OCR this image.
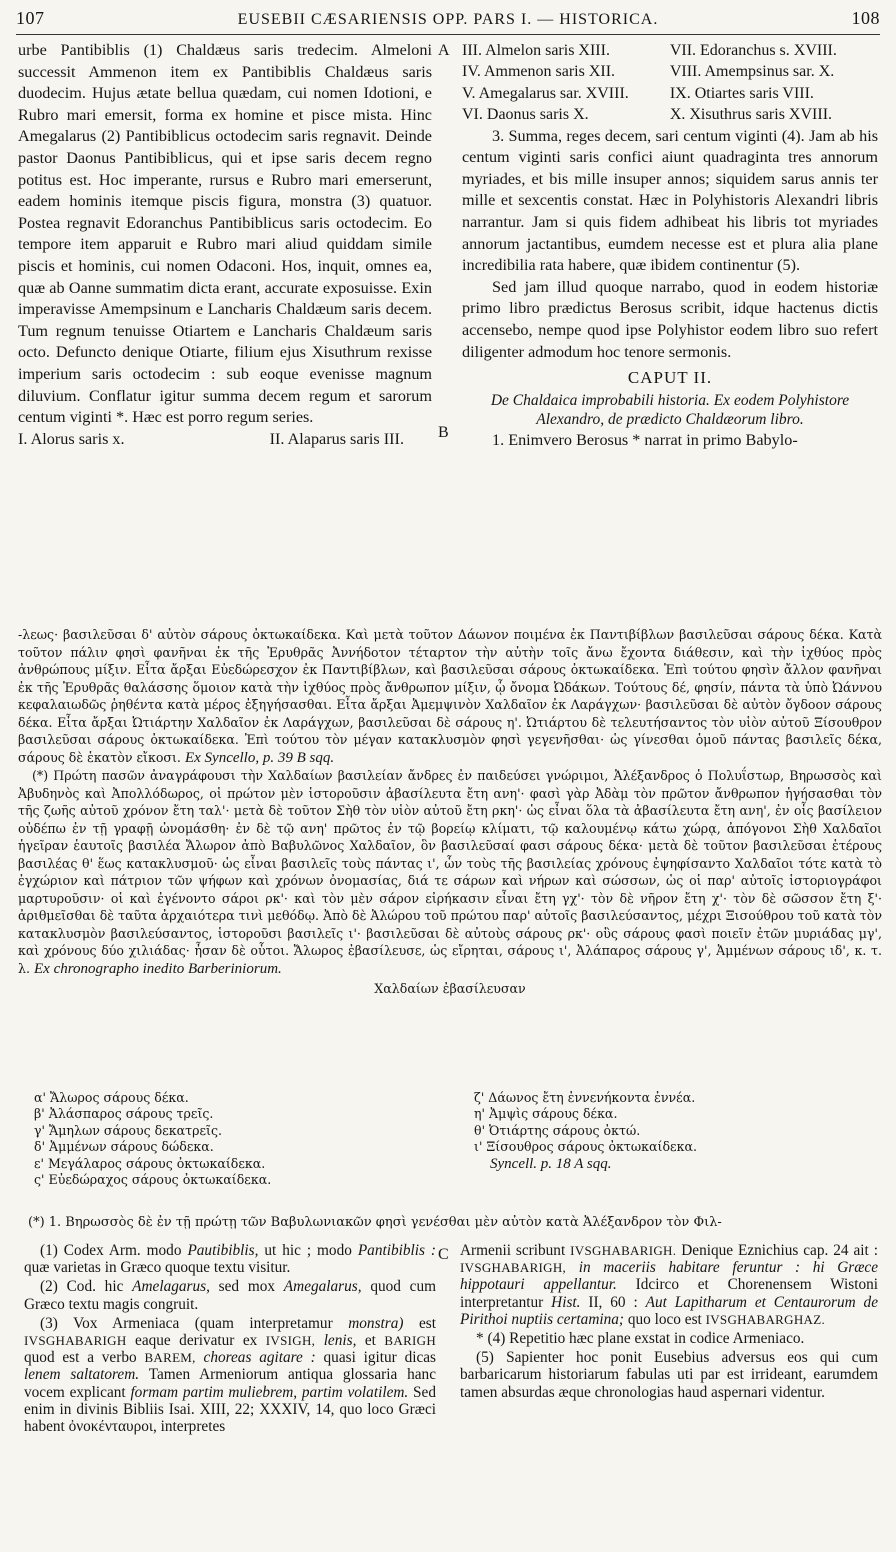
107	EUSEBII CÆSARIENSIS OPP. PARS I. — HISTORICA.	108
A
B
C

urbe Pantibiblis (1) Chaldæus saris tredecim. Almeloni successit Ammenon item ex Pantibiblis Chaldæus saris duodecim. Hujus ætate bellua quædam, cui nomen Idotioni, e Rubro mari emersit, forma ex homine et pisce mista. Hinc Amegalarus (2) Pantibiblicus octodecim saris regnavit. Deinde pastor Daonus Pantibiblicus, qui et ipse saris decem regno potitus est. Hoc imperante, rursus e Rubro mari emerserunt, eadem hominis itemque piscis figura, monstra (3) quatuor. Postea regnavit Edoranchus Pantibiblicus saris octodecim. Eo tempore item apparuit e Rubro mari aliud quiddam simile piscis et hominis, cui nomen Odaconi. Hos, inquit, omnes ea, quæ ab Oanne summatim dicta erant, accurate exposuisse. Exin imperavisse Amempsinum e Lancharis Chaldæum saris decem. Tum regnum tenuisse Otiartem e Lancharis Chaldæum saris octo. Defuncto denique Otiarte, filium ejus Xisuthrum rexisse imperium saris octodecim : sub eoque evenisse magnum diluvium. Conflatur igitur summa decem regum et sarorum centum viginti *. Hæc est porro regum series.

I. Alorus saris x.	II. Alaparus saris III.
III. Almelon saris XIII.	VII. Edoranchus s. XVIII.
IV. Ammenon saris XII.	VIII. Amempsinus sar. X.
V. Amegalarus sar. XVIII.	IX. Otiartes saris VIII.
VI. Daonus saris X.	X. Xisuthrus saris XVIII.

3. Summa, reges decem, sari centum viginti (4). Jam ab his centum viginti saris confici aiunt quadraginta tres annorum myriades, et bis mille insuper annos; siquidem sarus annis ter mille et sexcentis constat. Hæc in Polyhistoris Alexandri libris narrantur. Jam si quis fidem adhibeat his libris tot myriades annorum jactantibus, eumdem necesse est et plura alia plane incredibilia rata habere, quæ ibidem continentur (5).

Sed jam illud quoque narrabo, quod in eodem historiæ primo libro prædictus Berosus scribit, idque hactenus dictis accensebo, nempe quod ipse Polyhistor eodem libro suo refert diligenter admodum hoc tenore sermonis.

CAPUT II.

De Chaldaica improbabili historia. Ex eodem Polyhistore Alexandro, de prædicto Chaldæorum libro.

1. Enimvero Berosus * narrat in primo Babylo-

-λεως· βασιλεῦσαι δ' αὐτὸν σάρους ὀκτωκαίδεκα. Καὶ μετὰ τοῦτον Δάωνον ποιμένα ἐκ Παντιβίβλων βασιλεῦσαι σάρους δέκα. Κατὰ τοῦτον πάλιν φησὶ φανῆναι ἐκ τῆς Ἐρυθρᾶς Ἀννήδοτον τέταρτον τὴν αὐτὴν τοῖς ἄνω ἔχοντα διάθεσιν, καὶ τὴν ἰχθύος πρὸς ἀνθρώπους μίξιν. Εἶτα ἄρξαι Εὐεδώρεσχον ἐκ Παντιβίβλων, καὶ βασιλεῦσαι σάρους ὀκτωκαίδεκα. Ἐπὶ τούτου φησὶν ἄλλον φανῆναι ἐκ τῆς Ἐρυθρᾶς θαλάσσης ὅμοιον κατὰ τὴν ἰχθύος πρὸς ἄνθρωπον μίξιν, ᾧ ὄνομα Ὠδάκων. Τούτους δέ, φησίν, πάντα τὰ ὑπὸ Ὠάννου κεφαλαιωδῶς ῥηθέντα κατὰ μέρος ἐξηγήσασθαι. Εἶτα ἄρξαι Ἀμεμψινὸν Χαλδαῖον ἐκ Λαράγχων· βασιλεῦσαι δὲ αὐτὸν ὄγδοον σάρους δέκα. Εἶτα ἄρξαι Ὠτιάρτην Χαλδαῖον ἐκ Λαράγχων, βασιλεῦσαι δὲ σάρους η'. Ὠτιάρτου δὲ τελευτήσαντος τὸν υἱὸν αὐτοῦ Ξίσουθρον βασιλεῦσαι σάρους ὀκτωκαίδεκα. Ἐπὶ τούτου τὸν μέγαν κατακλυσμὸν φησὶ γεγενῆσθαι· ὡς γίνεσθαι ὁμοῦ πάντας βασιλεῖς δέκα, σάρους δὲ ἑκατὸν εἴκοσι. Ex Syncello, p. 39 B sqq.

(*) Πρώτη πασῶν ἀναγράφουσι τὴν Χαλδαίων βασιλείαν ἄνδρες ἐν παιδεύσει γνώριμοι, Ἀλέξανδρος ὁ Πολυΐστωρ, Βηρωσσὸς καὶ Ἀβυδηνὸς καὶ Ἀπολλόδωρος, οἱ πρώτον μὲν ἱστοροῦσιν ἀβασίλευτα ἔτη ανη'· φασὶ γὰρ Ἀδὰμ τὸν πρῶτον ἄνθρωπον ἡγήσασθαι τὸν τῆς ζωῆς αὐτοῦ χρόνον ἔτη ταλ'· μετὰ δὲ τοῦτον Σὴθ τὸν υἱὸν αὐτοῦ ἔτη ρκη'· ὡς εἶναι ὅλα τὰ ἀβασίλευτα ἔτη ανη', ἐν οἷς βασίλειον οὐδέπω ἐν τῇ γραφῇ ὠνομάσθη· ἐν δὲ τῷ ανη' πρῶτος ἐν τῷ βορείῳ κλίματι, τῷ καλουμένῳ κάτω χώρᾳ, ἀπόγονοι Σὴθ Χαλδαῖοι ἡγεῖραν ἑαυτοῖς βασιλέα Ἄλωρον ἀπὸ Βαβυλῶνος Χαλδαῖον, ὃν βασιλεῦσαί φασι σάρους δέκα· μετὰ δὲ τοῦτον βασιλεῦσαι ἑτέρους βασιλέας θ' ἕως κατακλυσμοῦ· ὡς εἶναι βασιλεῖς τοὺς πάντας ι', ὧν τοὺς τῆς βασιλείας χρόνους ἐψηφίσαντο Χαλδαῖοι τότε κατὰ τὸ ἐγχώριον καὶ πάτριον τῶν ψήφων καὶ χρόνων ὀνομασίας, διά τε σάρων καὶ νήρων καὶ σώσσων, ὡς οἱ παρ' αὐτοῖς ἱστοριογράφοι μαρτυροῦσιν· οἱ καὶ ἐγένοντο σάροι ρκ'· καὶ τὸν μὲν σάρον εἰρήκασιν εἶναι ἔτη γχ'· τὸν δὲ νῆρον ἔτη χ'· τὸν δὲ σῶσσον ἔτη ξ'· ἀριθμεῖσθαι δὲ ταῦτα ἀρχαιότερα τινὶ μεθόδῳ. Ἀπὸ δὲ Ἀλώρου τοῦ πρώτου παρ' αὐτοῖς βασιλεύσαντος, μέχρι Ξισούθρου τοῦ κατὰ τὸν κατακλυσμὸν βασιλεύσαντος, ἱστοροῦσι βασιλεῖς ι'· βασιλεῦσαι δὲ αὐτοὺς σάρους ρκ'· οὓς σάρους φασὶ ποιεῖν ἐτῶν μυριάδας μγ', καὶ χρόνους δύο χιλιάδας· ἦσαν δὲ οὗτοι. Ἄλωρος ἐβασίλευσε, ὡς εἴρηται, σάρους ι', Ἀλάπαρος σάρους γ', Ἀμμένων σάρους ιδ', κ. τ. λ. Ex chronographo inedito Barberiniorum.

Χαλδαίων ἐβασίλευσαν
α' Ἄλωρος σάρους δέκα.
β' Ἀλάσπαρος σάρους τρεῖς.
γ' Ἄμηλων σάρους δεκατρεῖς.
δ' Ἀμμένων σάρους δώδεκα.
ε' Μεγάλαρος σάρους ὀκτωκαίδεκα.
ς' Εὐεδώραχος σάρους ὀκτωκαίδεκα.
ζ' Δάωνος ἔτη ἐννενήκοντα ἐννέα.
η' Ἀμψὶς σάρους δέκα.
θ' Ὀτιάρτης σάρους ὀκτώ.
ι' Ξίσουθρος σάρους ὀκτωκαίδεκα.
Syncell. p. 18 A sqq.
(*) 1. Βηρωσσὸς δὲ ἐν τῇ πρώτῃ τῶν Βαβυλωνιακῶν φησὶ γενέσθαι μὲν αὐτὸν κατὰ Ἀλέξανδρον τὸν Φιλ-

(1) Codex Arm. modo Pautibiblis, ut hic ; modo Pantibiblis : quæ varietas in Græco quoque textu visitur.

(2) Cod. hic Amelagarus, sed mox Amegalarus, quod cum Græco textu magis congruit.

(3) Vox Armeniaca (quam interpretamur monstra) est IVSGHABARIGH eaque derivatur ex IVSIGH, lenis, et BARIGH quod est a verbo BAREM, choreas agitare : quasi igitur dicas lenem saltatorem. Tamen Armeniorum antiqua glossaria hanc vocem explicant formam partim muliebrem, partim volatilem. Sed enim in divinis Bibliis Isai. XIII, 22; XXXIV, 14, quo loco Græci habent ὀνοκένταυροι, interpretes

Armenii scribunt IVSGHABARIGH. Denique Eznichius cap. 24 ait : IVSGHABARIGH, in maceriis habitare feruntur : hi Græce hippotauri appellantur. Idcirco et Chorenensem Wistoni interpretantur Hist. II, 60 : Aut Lapitharum et Centaurorum de Pirithoi nuptiis certamina; quo loco est IVSGHABARGHAZ.

* (4) Repetitio hæc plane exstat in codice Armeniaco.

(5) Sapienter hoc ponit Eusebius adversus eos qui cum barbaricarum historiarum fabulas uti par est irrideant, earumdem tamen absurdas æque chronologias haud aspernari videntur.
